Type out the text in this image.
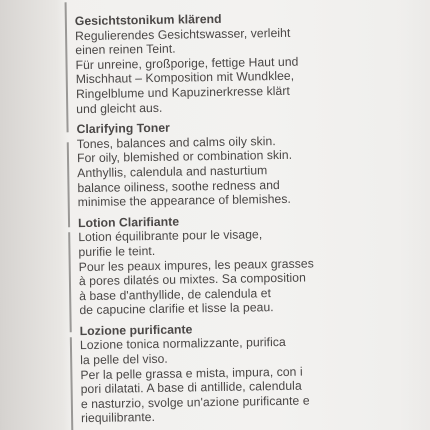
Gesichtstonikum klärend
Regulierendes Gesichtswasser, verleiht
einen reinen Teint.
Für unreine, großporige, fettige Haut und
Mischhaut – Komposition mit Wundklee,
Ringelblume und Kapuzinerkresse klärt
und gleicht aus.
Clarifying Toner
Tones, balances and calms oily skin.
For oily, blemished or combination skin.
Anthyllis, calendula and nasturtium
balance oiliness, soothe redness and
minimise the appearance of blemishes.
Lotion Clarifiante
Lotion équilibrante pour le visage,
purifie le teint.
Pour les peaux impures, les peaux grasses
à pores dilatés ou mixtes. Sa composition
à base d'anthyllide, de calendula et
de capucine clarifie et lisse la peau.
Lozione purificante
Lozione tonica normalizzante, purifica
la pelle del viso.
Per la pelle grassa e mista, impura, con i
pori dilatati. A base di antillide, calendula
e nasturzio, svolge un'azione purificante e
riequilibrante.
